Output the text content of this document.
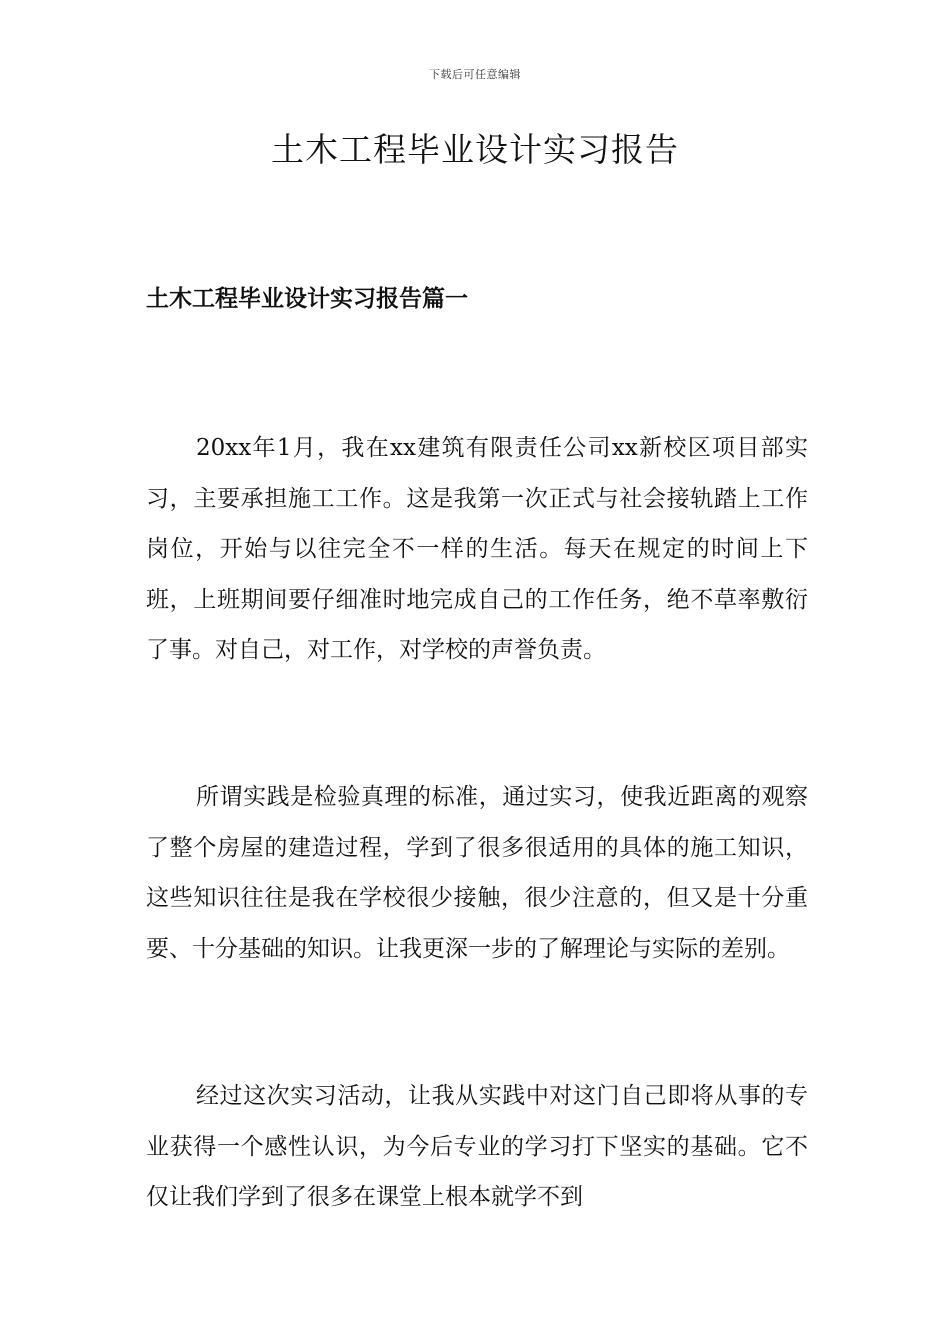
下载后可任意编辑
土木工程毕业设计实习报告
土木工程毕业设计实习报告篇一

20xx年1月，我在xx建筑有限责任公司xx新校区项目部实习，主要承担施工工作。这是我第一次正式与社会接轨踏上工作岗位，开始与以往完全不一样的生活。每天在规定的时间上下班，上班期间要仔细准时地完成自己的工作任务，绝不草率敷衍了事。对自己，对工作，对学校的声誉负责。

所谓实践是检验真理的标准，通过实习，使我近距离的观察了整个房屋的建造过程，学到了很多很适用的具体的施工知识，这些知识往往是我在学校很少接触，很少注意的，但又是十分重要、十分基础的知识。让我更深一步的了解理论与实际的差别。

经过这次实习活动，让我从实践中对这门自己即将从事的专业获得一个感性认识，为今后专业的学习打下坚实的基础。它不仅让我们学到了很多在课堂上根本就学不到
